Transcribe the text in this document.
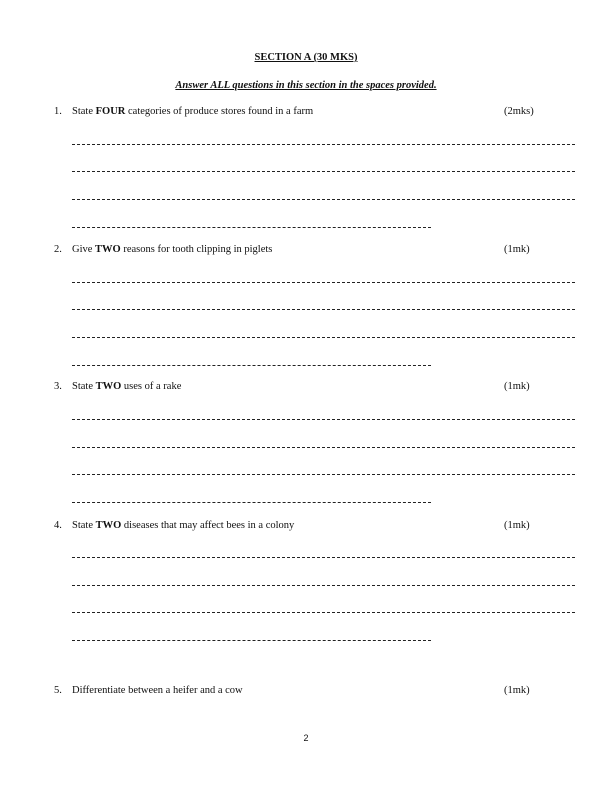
SECTION A (30 MKS)
Answer ALL questions in this section in the spaces provided.
1. State FOUR categories of produce stores found in a farm	(2mks)
2. Give TWO reasons for tooth clipping in piglets	(1mk)
3. State TWO uses of a rake	(1mk)
4. State TWO diseases that may affect bees in a colony	(1mk)
5. Differentiate between a heifer and a cow	(1mk)
2
